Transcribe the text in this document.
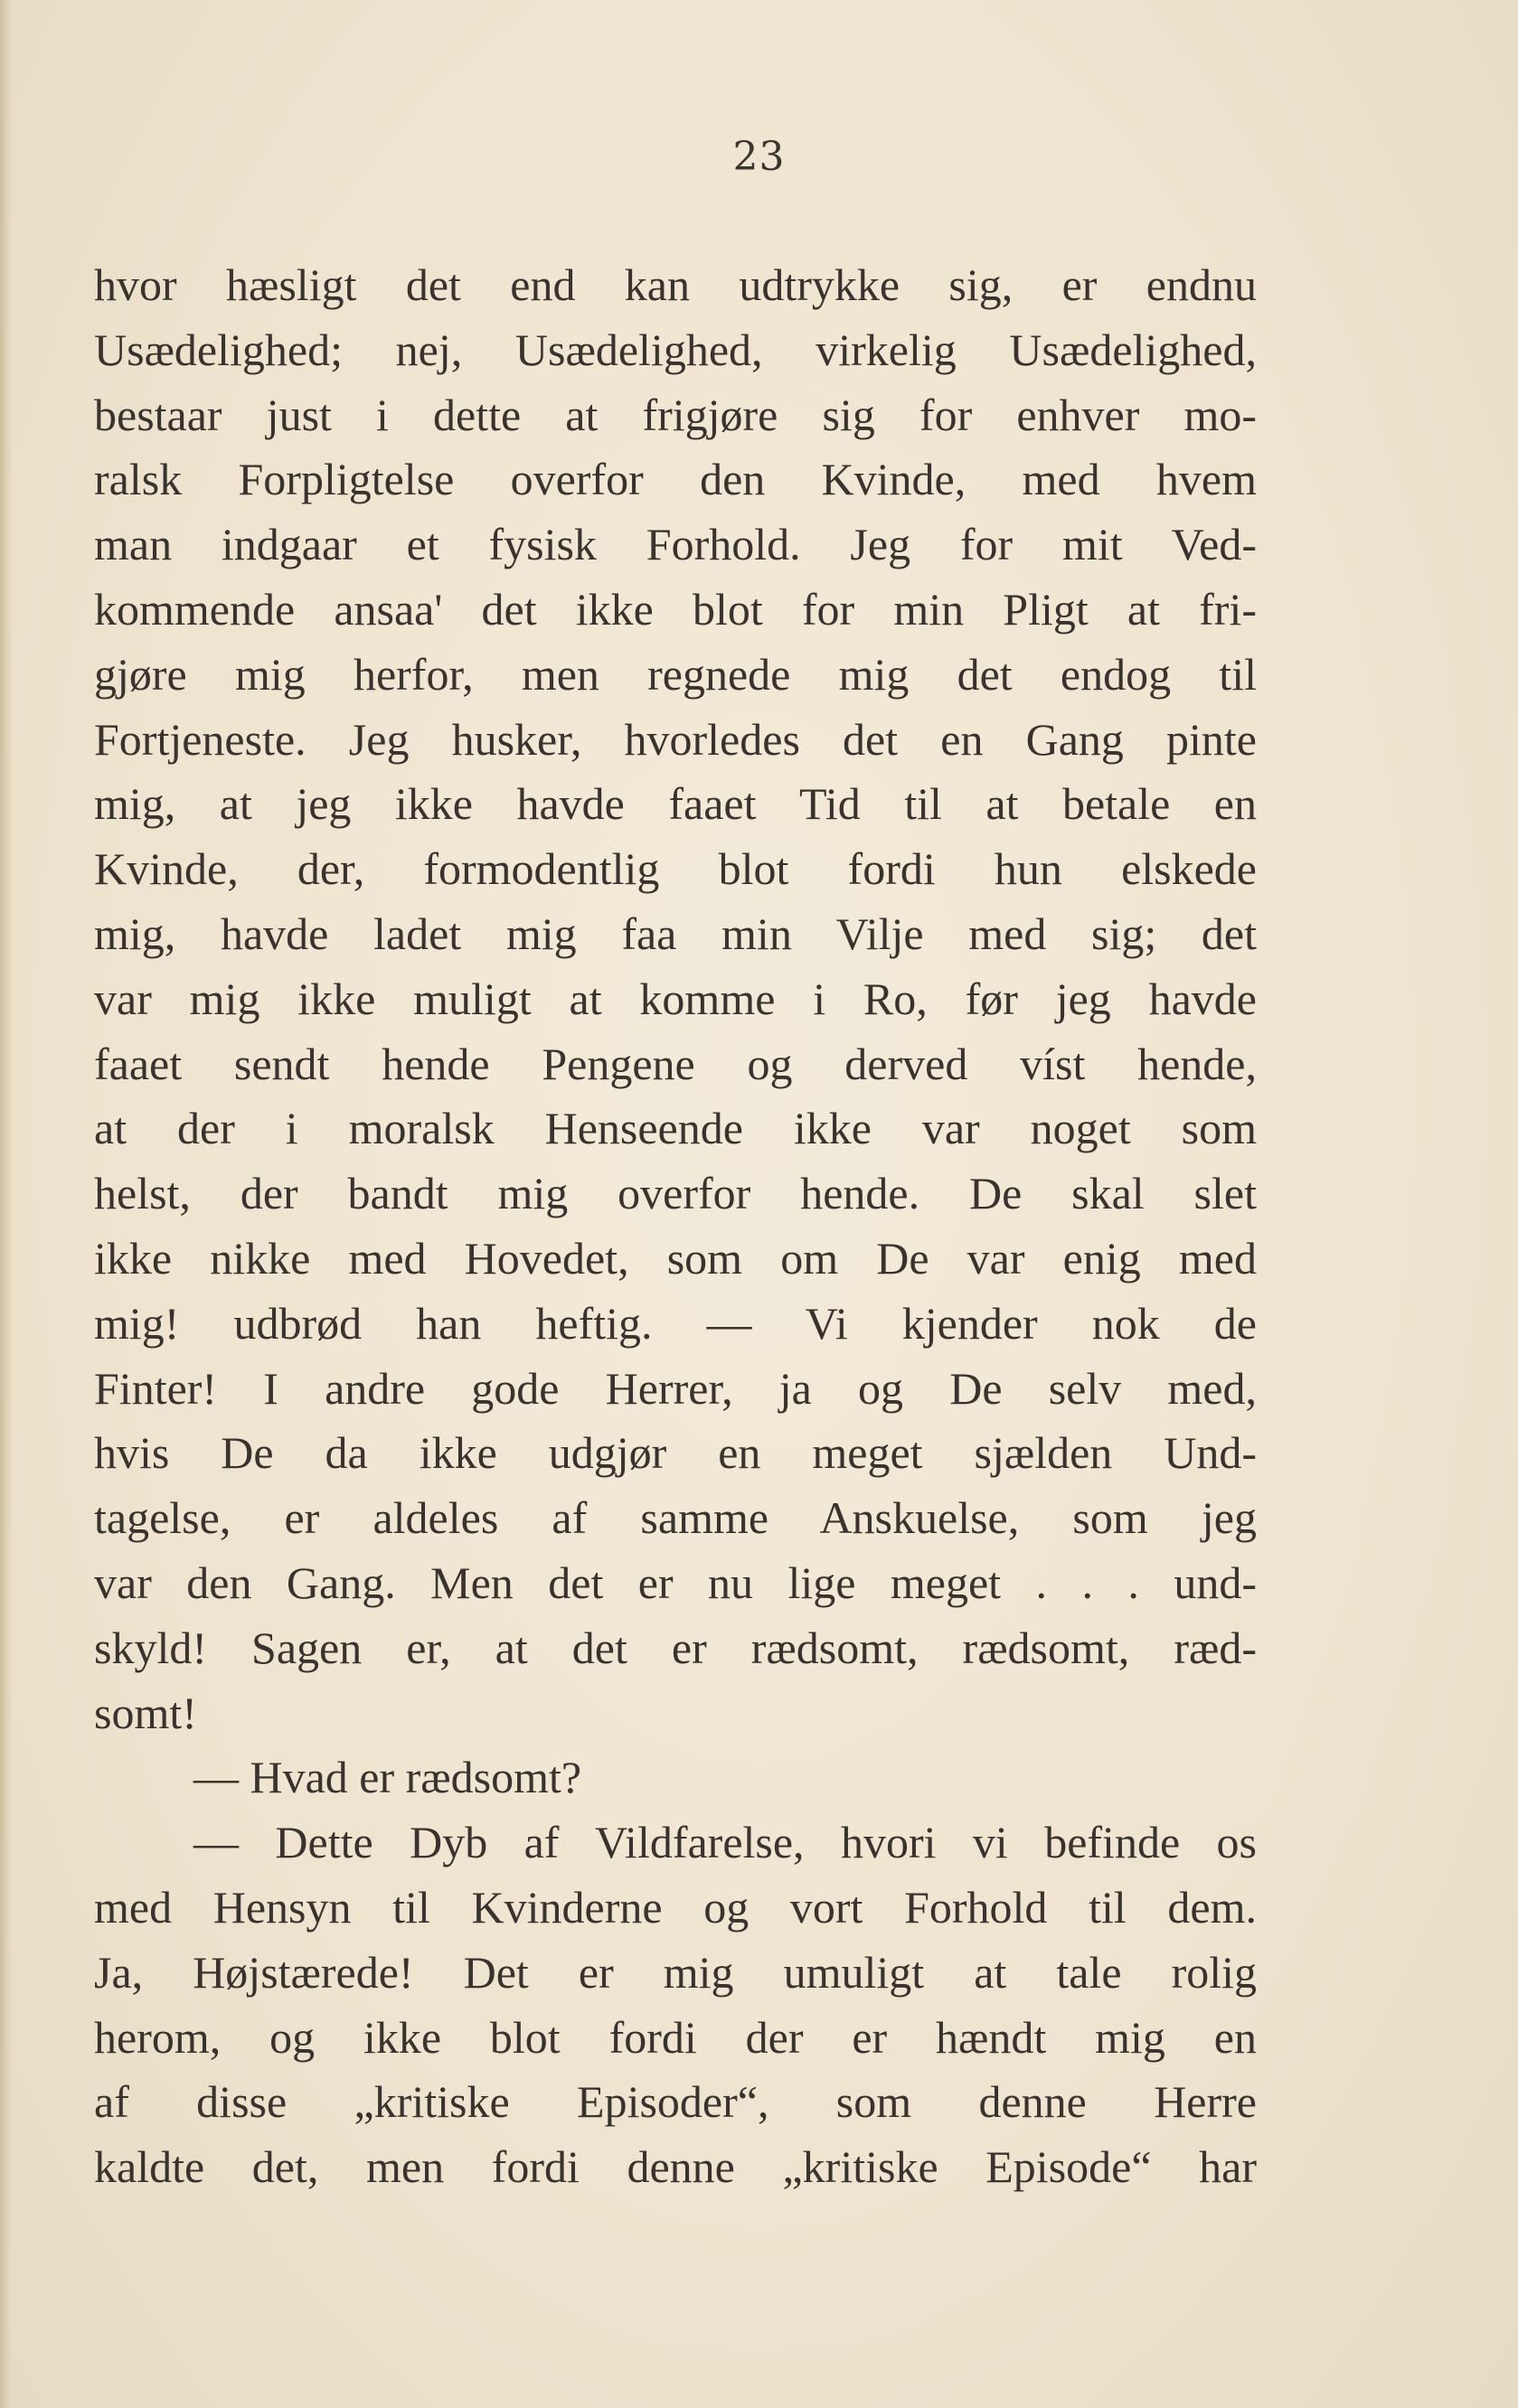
23
hvor hæsligt det end kan udtrykke sig, er endnu
Usædelighed; nej, Usædelighed, virkelig Usædelighed,
bestaar just i dette at frigjøre sig for enhver mo-
ralsk Forpligtelse overfor den Kvinde, med hvem
man indgaar et fysisk Forhold. Jeg for mit Ved-
kommende ansaa' det ikke blot for min Pligt at fri-
gjøre mig herfor, men regnede mig det endog til
Fortjeneste. Jeg husker, hvorledes det en Gang pinte
mig, at jeg ikke havde faaet Tid til at betale en
Kvinde, der, formodentlig blot fordi hun elskede
mig, havde ladet mig faa min Vilje med sig; det
var mig ikke muligt at komme i Ro, før jeg havde
faaet sendt hende Pengene og derved víst hende,
at der i moralsk Henseende ikke var noget som
helst, der bandt mig overfor hende. De skal slet
ikke nikke med Hovedet, som om De var enig med
mig! udbrød han heftig. — Vi kjender nok de
Finter! I andre gode Herrer, ja og De selv med,
hvis De da ikke udgjør en meget sjælden Und-
tagelse, er aldeles af samme Anskuelse, som jeg
var den Gang. Men det er nu lige meget . . . und-
skyld! Sagen er, at det er rædsomt, rædsomt, ræd-
somt!
— Hvad er rædsomt?
— Dette Dyb af Vildfarelse, hvori vi befinde os
med Hensyn til Kvinderne og vort Forhold til dem.
Ja, Højstærede! Det er mig umuligt at tale rolig
herom, og ikke blot fordi der er hændt mig en
af disse „kritiske Episoder“, som denne Herre
kaldte det, men fordi denne „kritiske Episode“ har
